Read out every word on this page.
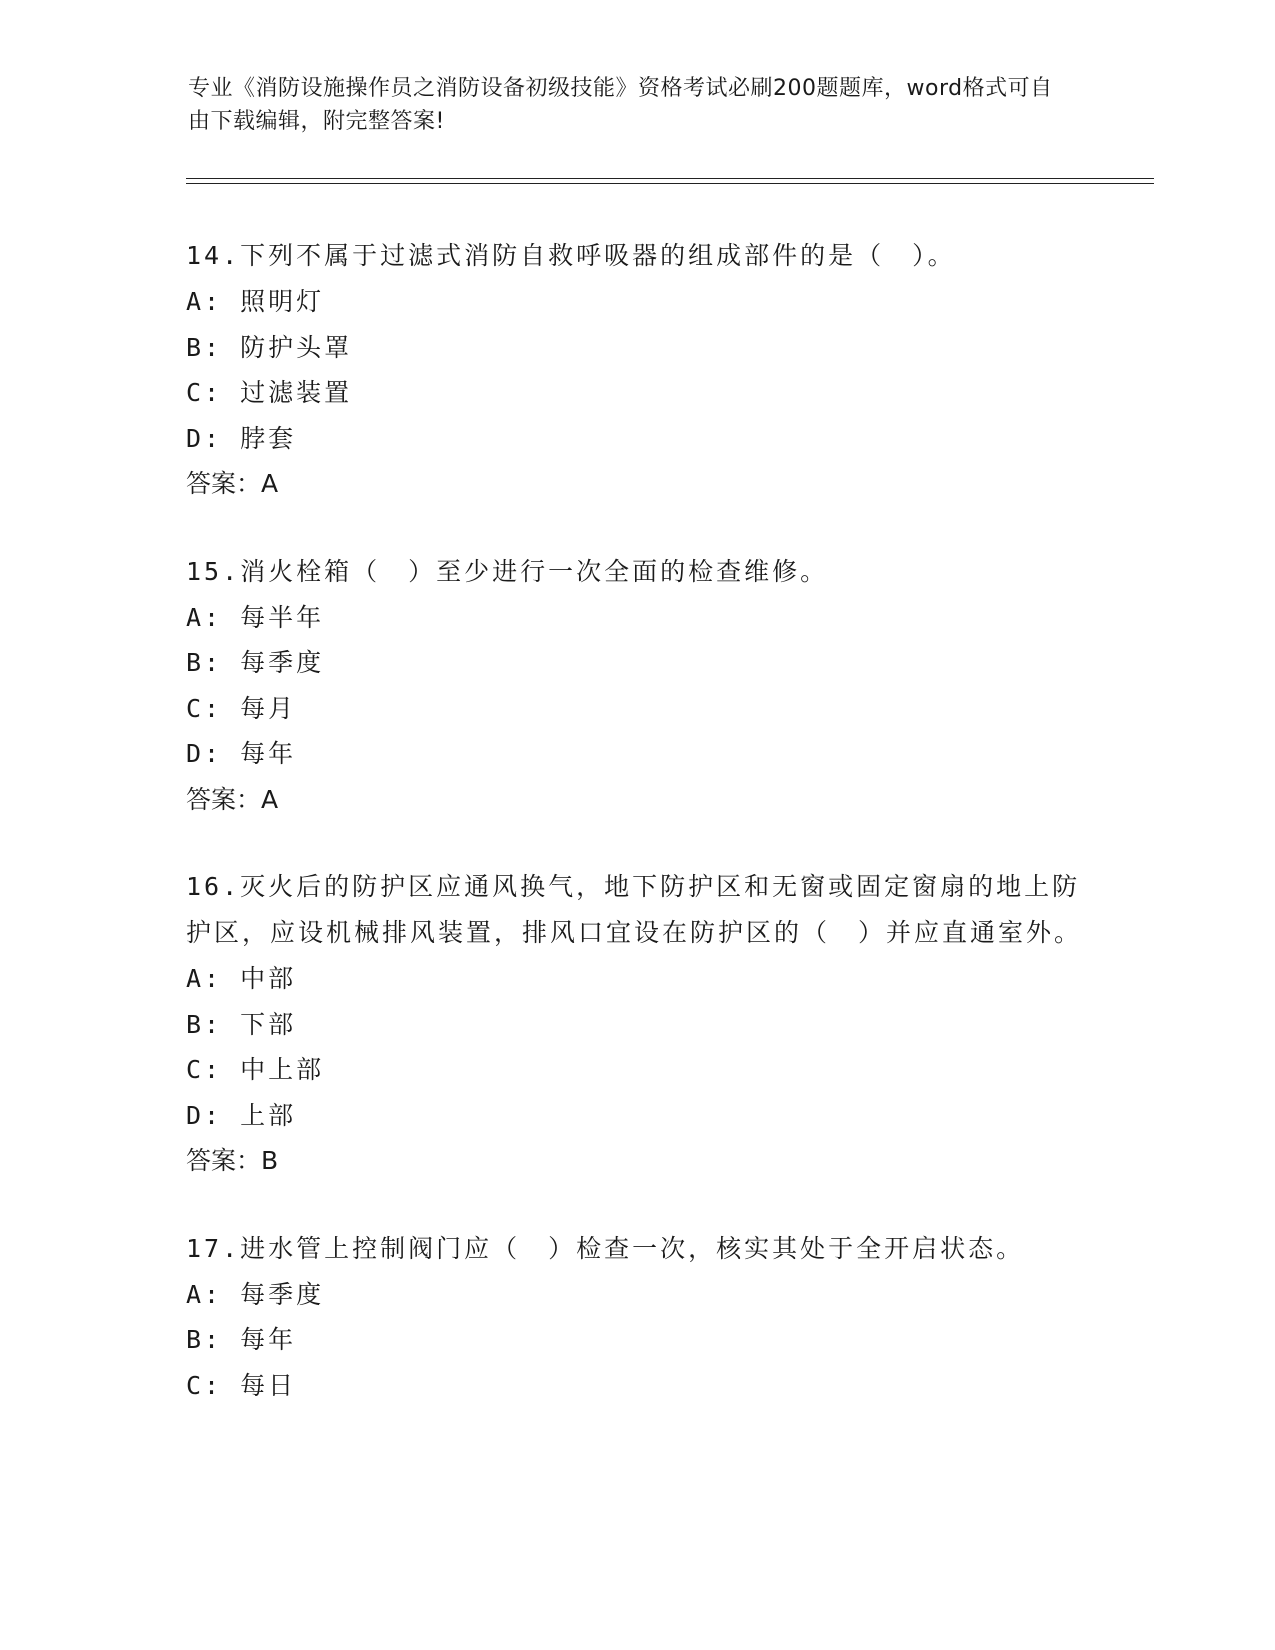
专业《消防设施操作员之消防设备初级技能》资格考试必刷200题题库，word格式可自由下载编辑，附完整答案!

14.下列不属于过滤式消防自救呼吸器的组成部件的是（　）。

A: 照明灯

B: 防护头罩

C: 过滤装置

D: 脖套

答案：A

15.消火栓箱（　）至少进行一次全面的检查维修。

A: 每半年

B: 每季度

C: 每月

D: 每年

答案：A

16.灭火后的防护区应通风换气，地下防护区和无窗或固定窗扇的地上防护区，应设机械排风装置，排风口宜设在防护区的（　）并应直通室外。

A: 中部

B: 下部

C: 中上部

D: 上部

答案：B

17.进水管上控制阀门应（　）检查一次，核实其处于全开启状态。

A: 每季度

B: 每年

C: 每日
